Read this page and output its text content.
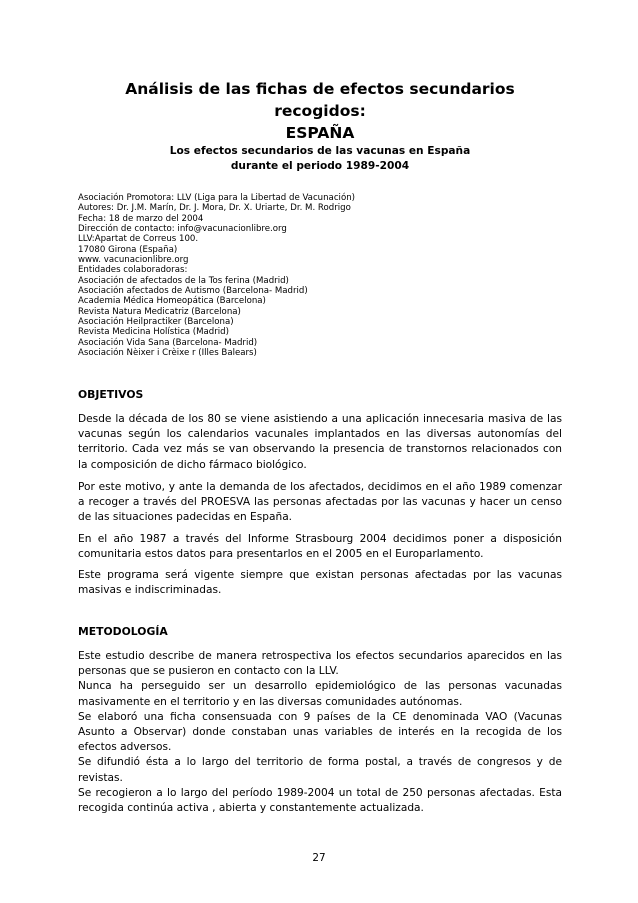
Análisis de las fichas de efectos secundarios recogidos:
ESPAÑA
Los efectos secundarios de las vacunas en España
durante el periodo 1989-2004
Asociación Promotora: LLV (Liga para la Libertad de Vacunación)
Autores: Dr. J.M. Marín, Dr. J. Mora, Dr. X. Uriarte, Dr. M. Rodrigo
Fecha: 18 de marzo del 2004
Dirección de contacto: info@vacunacionlibre.org
LLV:Apartat de Correus 100.
17080 Girona (España)
www. vacunacionlibre.org
Entidades colaboradoras:
Asociación de afectados de la Tos ferina (Madrid)
Asociación afectados de Autismo (Barcelona- Madrid)
Academia Médica Homeopática (Barcelona)
Revista Natura Medicatriz (Barcelona)
Asociación Heilpractiker (Barcelona)
Revista Medicina Holística (Madrid)
Asociación Vida Sana (Barcelona- Madrid)
Asociación Nèixer i Crèixe r (Illes Balears)
OBJETIVOS

Desde la década de los 80 se viene asistiendo a una aplicación innecesaria masiva de las vacunas según los calendarios vacunales implantados en las diversas autonomías del territorio. Cada vez más se van observando la presencia de transtornos relacionados con la composición de dicho fármaco biológico.

Por este motivo, y ante la demanda de los afectados, decidimos en el año 1989 comenzar a recoger a través del PROESVA las personas afectadas por las vacunas y hacer un censo de las situaciones padecidas en España.

En el año 1987 a través del Informe Strasbourg 2004 decidimos poner a disposición comunitaria estos datos para presentarlos en el 2005 en el Europarlamento.

Este programa será vigente siempre que existan personas afectadas por las vacunas masivas e indiscriminadas.

METODOLOGÍA

Este estudio describe de manera retrospectiva los efectos secundarios aparecidos en las personas que se pusieron en contacto con la LLV.

Nunca ha perseguido ser un desarrollo epidemiológico de las personas vacunadas masivamente en el territorio y en las diversas comunidades autónomas.

Se elaboró una ficha consensuada con 9 países de la CE denominada VAO (Vacunas Asunto a Observar) donde constaban unas variables de interés en la recogida de los efectos adversos.

Se difundió ésta a lo largo del territorio de forma postal, a través de congresos y de revistas.

Se recogieron a lo largo del período 1989-2004 un total de 250 personas afectadas. Esta recogida continúa activa , abierta y constantemente actualizada.

27
